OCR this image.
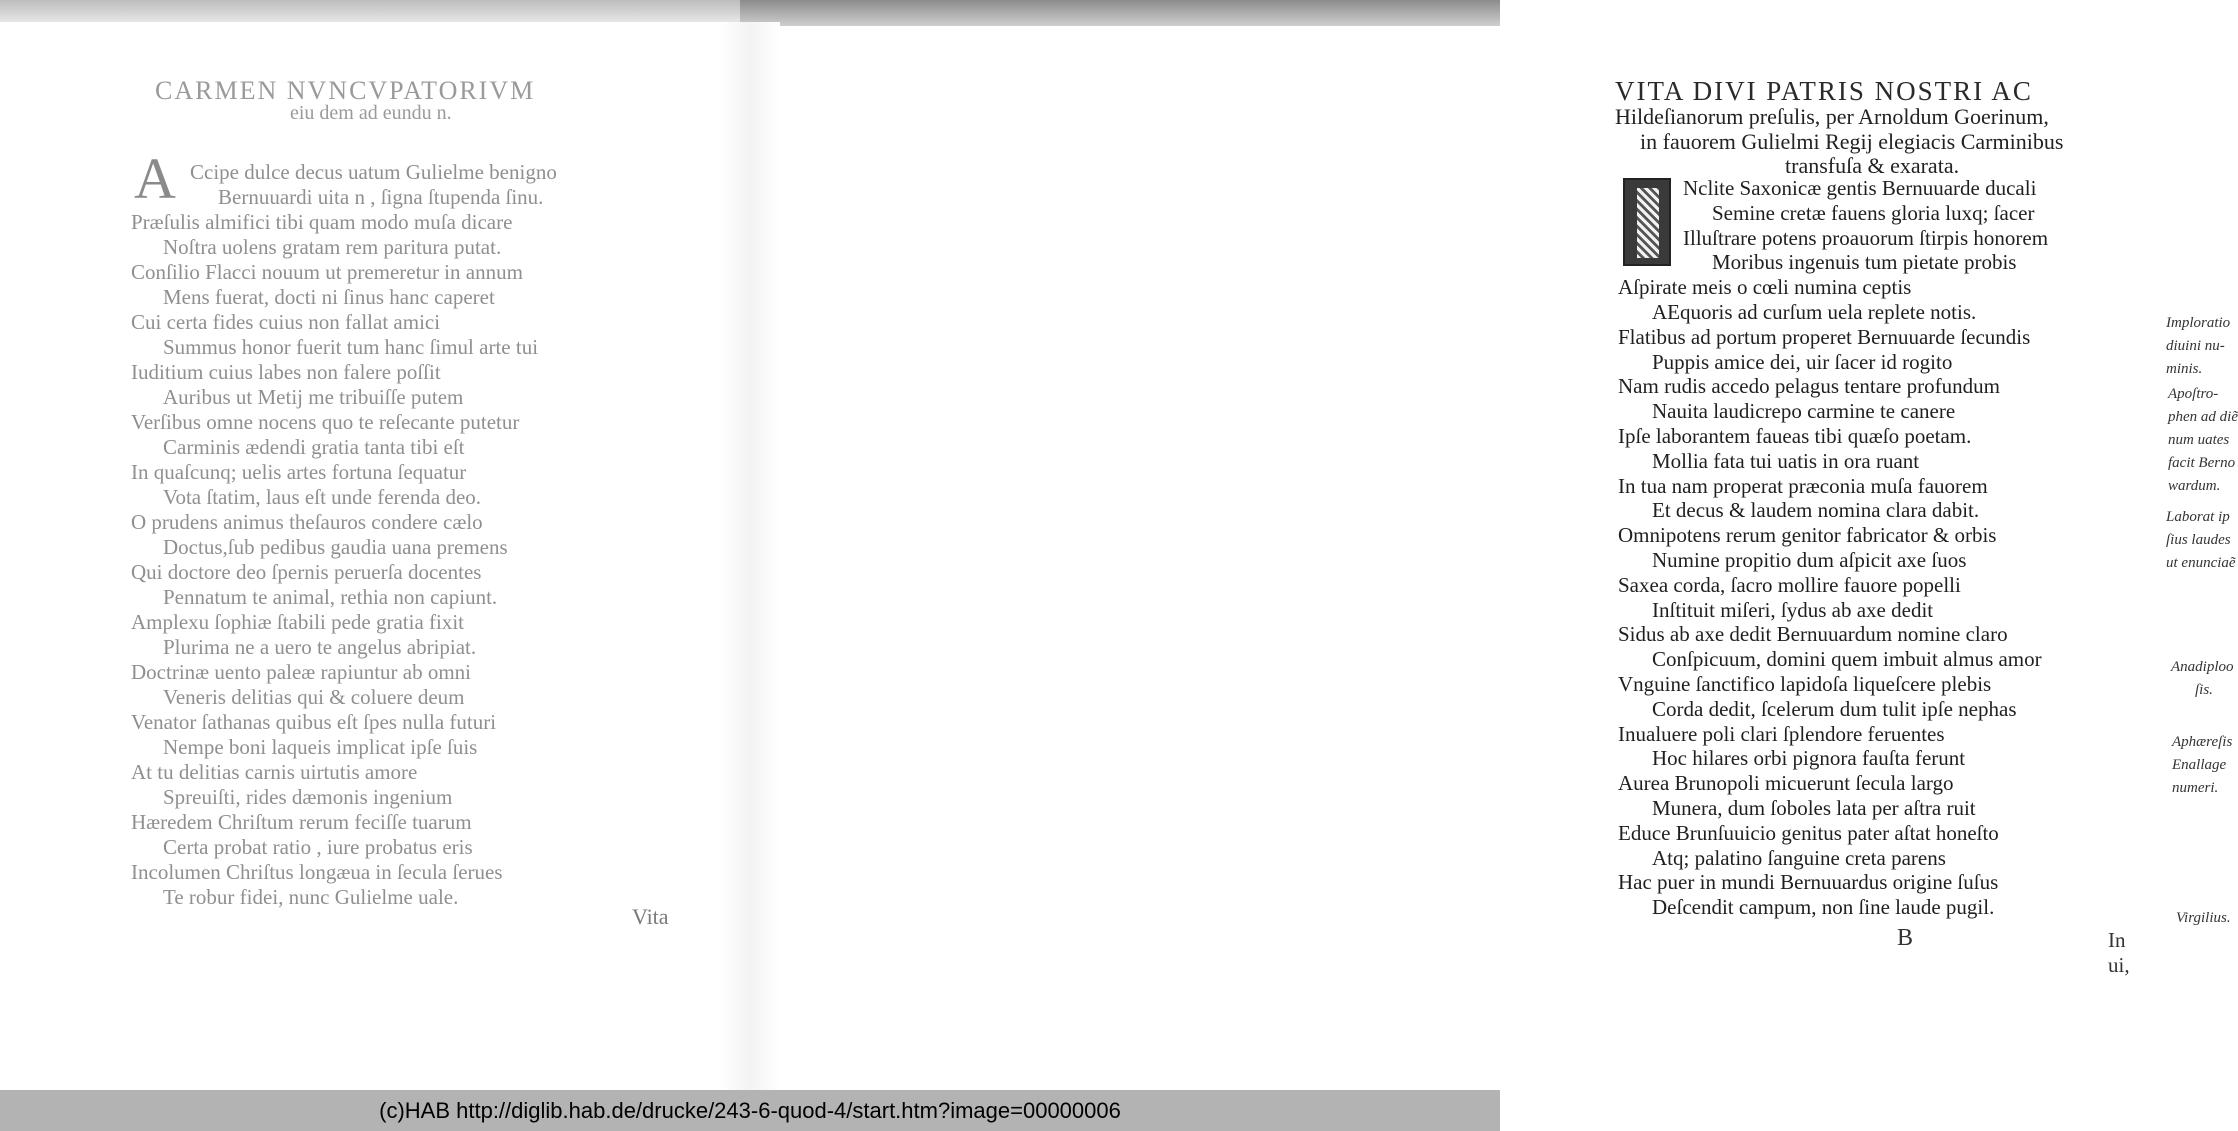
CARMEN NVNCVPATORIVM
eiu dem ad eundu n.
A Ccipe dulce decus uatum Gulielme benigno
Bernuuardi uita n , ſigna ſtupenda ſinu.
Præſulis almifici tibi quam modo muſa dicare
Noſtra uolens gratam rem paritura putat.
Conſilio Flacci nouum ut premeretur in annum
Mens fuerat, docti ni ſinus hanc caperet
Cui certa fides cuius non fallat amici
Summus honor fuerit tum hanc ſimul arte tui
Iuditium cuius labes non falere poſſit
Auribus ut Metij me tribuiſſe putem
Verſibus omne nocens quo te reſecante putetur
Carminis ædendi gratia tanta tibi eſt
In quaſcunq; uelis artes fortuna ſequatur
Vota ſtatim, laus eſt unde ferenda deo.
O prudens animus theſauros condere cælo
Doctus,ſub pedibus gaudia uana premens
Qui doctore deo ſpernis peruerſa docentes
Pennatum te animal, rethia non capiunt.
Amplexu ſophiæ ſtabili pede gratia fixit
Plurima ne a uero te angelus abripiat.
Doctrinæ uento paleæ rapiuntur ab omni
Veneris delitias qui & coluere deum
Venator ſathanas quibus eſt ſpes nulla futuri
Nempe boni laqueis implicat ipſe ſuis
At tu delitias carnis uirtutis amore
Spreuiſti, rides dæmonis ingenium
Hæredem Chriſtum rerum feciſſe tuarum
Certa probat ratio , iure probatus eris
Incolumen Chriſtus longæua in ſecula ſerues
Te robur fidei, nunc Gulielme uale.
Vita
VITA DIVI PATRIS NOSTRI AC
Hildeſianorum preſulis, per Arnoldum Goerinum,
in fauorem Gulielmi Regij elegiacis Carminibus
transfuſa & exarata.
Nclite Saxonicæ gentis Bernuuarde ducali
Semine cretæ fauens gloria luxq; ſacer
Illuſtrare potens proauorum ſtirpis honorem
Moribus ingenuis tum pietate probis
Aſpirate meis o cœli numina ceptis
AEquoris ad curſum uela replete notis.
Flatibus ad portum properet Bernuuarde ſecundis
Puppis amice dei, uir ſacer id rogito
Nam rudis accedo pelagus tentare profundum
Nauita laudicrepo carmine te canere
Ipſe laborantem faueas tibi quæſo poetam.
Mollia fata tui uatis in ora ruant
In tua nam properat præconia muſa fauorem
Et decus & laudem nomina clara dabit.
Omnipotens rerum genitor fabricator & orbis
Numine propitio dum aſpicit axe ſuos
Saxea corda, ſacro mollire fauore popelli
Inſtituit miſeri, ſydus ab axe dedit
Sidus ab axe dedit Bernuuardum nomine claro
Conſpicuum, domini quem imbuit almus amor
Vnguine ſanctifico lapidoſa liqueſcere plebis
Corda dedit, ſcelerum dum tulit ipſe nephas
Inualuere poli clari ſplendore feruentes
Hoc hilares orbi pignora fauſta ferunt
Aurea Brunopoli micuerunt ſecula largo
Munera, dum ſoboles lata per aſtra ruit
Educe Brunſuuicio genitus pater aſtat honeſto
Atq; palatino ſanguine creta parens
Hac puer in mundi Bernuuardus origine ſuſus
Deſcendit campum, non ſine laude pugil.
Imploratio
diuini nu-
minis.
Apoſtro-
phen ad diẽ
num uates
facit Berno
wardum.
Laborat ip
ſius laudes
ut enunciaẽ
Anadiploo
ſis.
Aphæreſis
Enallage
numeri.
Virgilius.
B	In ui,
(c)HAB http://diglib.hab.de/drucke/243-6-quod-4/start.htm?image=00000006
